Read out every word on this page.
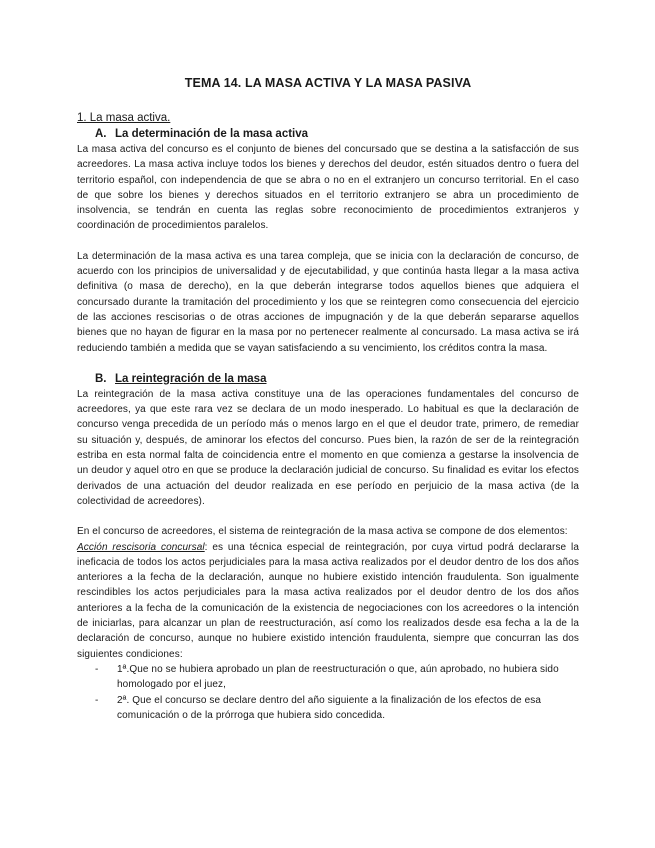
TEMA 14. LA MASA ACTIVA Y LA MASA PASIVA
1. La masa activa.
A. La determinación de la masa activa

La masa activa del concurso es el conjunto de bienes del concursado que se destina a la satisfacción de sus acreedores. La masa activa incluye todos los bienes y derechos del deudor, estén situados dentro o fuera del territorio español, con independencia de que se abra o no en el extranjero un concurso territorial. En el caso de que sobre los bienes y derechos situados en el territorio extranjero se abra un procedimiento de insolvencia, se tendrán en cuenta las reglas sobre reconocimiento de procedimientos extranjeros y coordinación de procedimientos paralelos.

La determinación de la masa activa es una tarea compleja, que se inicia con la declaración de concurso, de acuerdo con los principios de universalidad y de ejecutabilidad, y que continúa hasta llegar a la masa activa definitiva (o masa de derecho), en la que deberán integrarse todos aquellos bienes que adquiera el concursado durante la tramitación del procedimiento y los que se reintegren como consecuencia del ejercicio de las acciones rescisorias o de otras acciones de impugnación y de la que deberán separarse aquellos bienes que no hayan de figurar en la masa por no pertenecer realmente al concursado. La masa activa se irá reduciendo también a medida que se vayan satisfaciendo a su vencimiento, los créditos contra la masa.

B. La reintegración de la masa

La reintegración de la masa activa constituye una de las operaciones fundamentales del concurso de acreedores, ya que este rara vez se declara de un modo inesperado. Lo habitual es que la declaración de concurso venga precedida de un período más o menos largo en el que el deudor trate, primero, de remediar su situación y, después, de aminorar los efectos del concurso. Pues bien, la razón de ser de la reintegración estriba en esta normal falta de coincidencia entre el momento en que comienza a gestarse la insolvencia de un deudor y aquel otro en que se produce la declaración judicial de concurso. Su finalidad es evitar los efectos derivados de una actuación del deudor realizada en ese período en perjuicio de la masa activa (de la colectividad de acreedores).

En el concurso de acreedores, el sistema de reintegración de la masa activa se compone de dos elementos:

Acción rescisoria concursal: es una técnica especial de reintegración, por cuya virtud podrá declararse la ineficacia de todos los actos perjudiciales para la masa activa realizados por el deudor dentro de los dos años anteriores a la fecha de la declaración, aunque no hubiere existido intención fraudulenta. Son igualmente rescindibles los actos perjudiciales para la masa activa realizados por el deudor dentro de los dos años anteriores a la fecha de la comunicación de la existencia de negociaciones con los acreedores o la intención de iniciarlas, para alcanzar un plan de reestructuración, así como los realizados desde esa fecha a la de la declaración de concurso, aunque no hubiere existido intención fraudulenta, siempre que concurran las dos siguientes condiciones:

- 1ª.Que no se hubiera aprobado un plan de reestructuración o que, aún aprobado, no hubiera sido homologado por el juez,
- 2ª. Que el concurso se declare dentro del año siguiente a la finalización de los efectos de esa comunicación o de la prórroga que hubiera sido concedida.
